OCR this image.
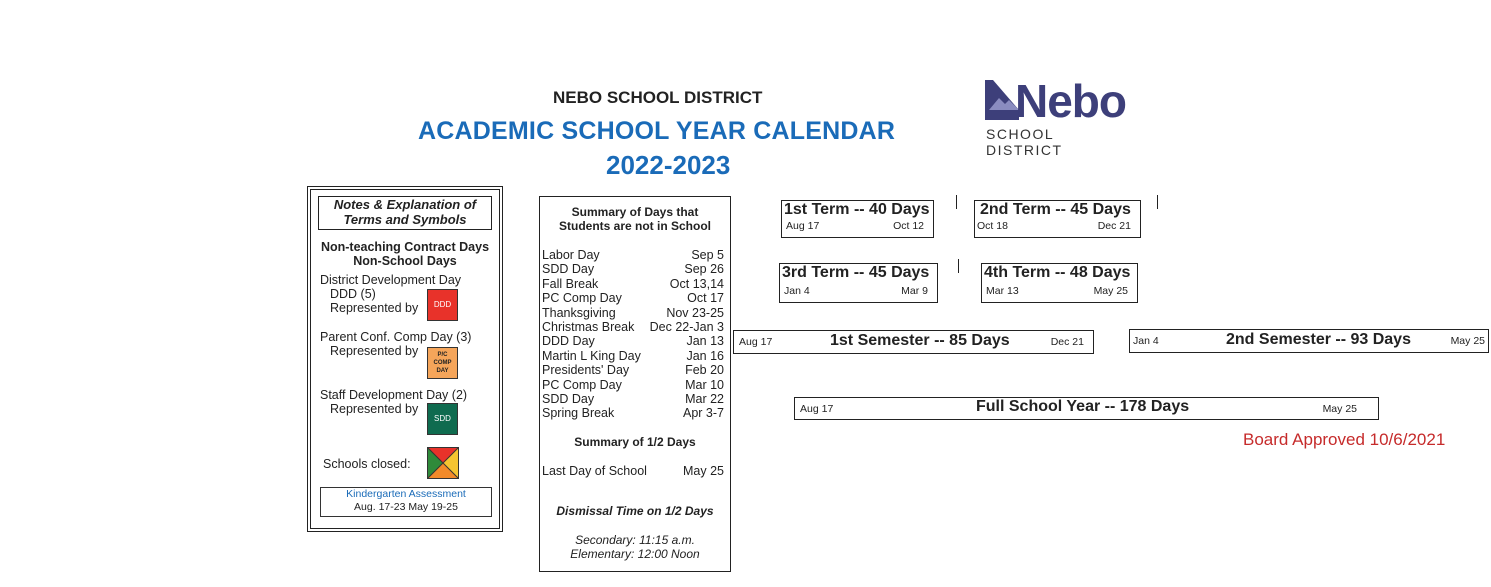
NEBO SCHOOL DISTRICT
ACADEMIC SCHOOL YEAR CALENDAR
2022-2023
Nebo
SCHOOL DISTRICT
Notes & Explanation of
Terms and Symbols
Non-teaching Contract Days
Non-School Days
District Development Day
DDD (5)
Represented by	DDD
Parent Conf. Comp Day (3)
Represented by	P/C
COMP
DAY
Staff Development Day (2)
Represented by
SDD
Schools closed:
Kindergarten Assessment
Aug. 17-23 May 19-25
Summary of Days that
Students are not in School
Labor Day	Sep 5
SDD Day	Sep 26
Fall Break	Oct 13,14
PC Comp Day	Oct 17
Thanksgiving	Nov 23-25
Christmas Break Dec 22-Jan 3
DDD Day	Jan 13
Martin L King Day	Jan 16
Presidents' Day	Feb 20
PC Comp Day	Mar 10
SDD Day	Mar 22
Spring Break	Apr 3-7
Summary of 1/2 Days
Last Day of School	May 25
Dismissal Time on 1/2 Days
Secondary: 11:15 a.m.
Elementary: 12:00 Noon
1st Term -- 40 Days
Aug 17	Oct 12
2nd Term -- 45 Days
Oct 18	Dec 21
3rd Term -- 45 Days
Jan 4	Mar 9
4th Term -- 48 Days
Mar 13	May 25
Aug 17	1st Semester -- 85 Days	Dec 21	Jan 4	2nd Semester -- 93 Days	May 25
Aug 17	Full School Year -- 178 Days	May 25
Board Approved 10/6/2021
